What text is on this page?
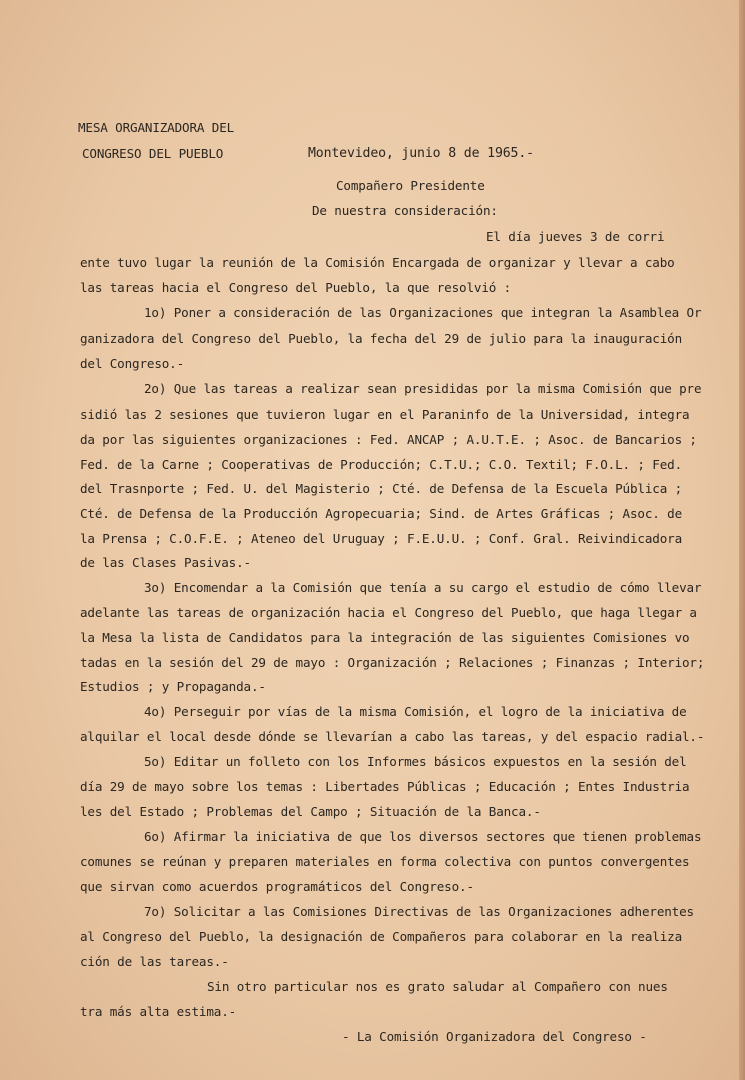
MESA ORGANIZADORA DEL
CONGRESO DEL PUEBLO	Montevideo, junio 8 de 1965.-
Compañero Presidente
De nuestra consideración:
El día jueves 3 de corri
ente tuvo lugar la reunión de la Comisión Encargada de organizar y llevar a cabo
las tareas hacia el Congreso del Pueblo, la que resolvió :
1o) Poner a consideración de las Organizaciones que integran la Asamblea Or
ganizadora del Congreso del Pueblo, la fecha del 29 de julio para la inauguración
del Congreso.-
2o) Que las tareas a realizar sean presididas por la misma Comisión que pre
sidió las 2 sesiones que tuvieron lugar en el Paraninfo de la Universidad, integra
da por las siguientes organizaciones : Fed. ANCAP ; A.U.T.E. ; Asoc. de Bancarios ;
Fed. de la Carne ; Cooperativas de Producción; C.T.U.; C.O. Textil; F.O.L. ; Fed.
del Trasnporte ; Fed. U. del Magisterio ; Cté. de Defensa de la Escuela Pública ;
Cté. de Defensa de la Producción Agropecuaria; Sind. de Artes Gráficas ; Asoc. de
la Prensa ; C.O.F.E. ; Ateneo del Uruguay ; F.E.U.U. ; Conf. Gral. Reivindicadora
de las Clases Pasivas.-
3o) Encomendar a la Comisión que tenía a su cargo el estudio de cómo llevar
adelante las tareas de organización hacia el Congreso del Pueblo, que haga llegar a
la Mesa la lista de Candidatos para la integración de las siguientes Comisiones vo
tadas en la sesión del 29 de mayo : Organización ; Relaciones ; Finanzas ; Interior;
Estudios ; y Propaganda.-
4o) Perseguir por vías de la misma Comisión, el logro de la iniciativa de
alquilar el local desde dónde se llevarían a cabo las tareas, y del espacio radial.-
5o) Editar un folleto con los Informes básicos expuestos en la sesión del
día 29 de mayo sobre los temas : Libertades Públicas ; Educación ; Entes Industria
les del Estado ; Problemas del Campo ; Situación de la Banca.-
6o) Afirmar la iniciativa de que los diversos sectores que tienen problemas
comunes se reúnan y preparen materiales en forma colectiva con puntos convergentes
que sirvan como acuerdos programáticos del Congreso.-
7o) Solicitar a las Comisiones Directivas de las Organizaciones adherentes
al Congreso del Pueblo, la designación de Compañeros para colaborar en la realiza
ción de las tareas.-
Sin otro particular nos es grato saludar al Compañero con nues
tra más alta estima.-
- La Comisión Organizadora del Congreso -
